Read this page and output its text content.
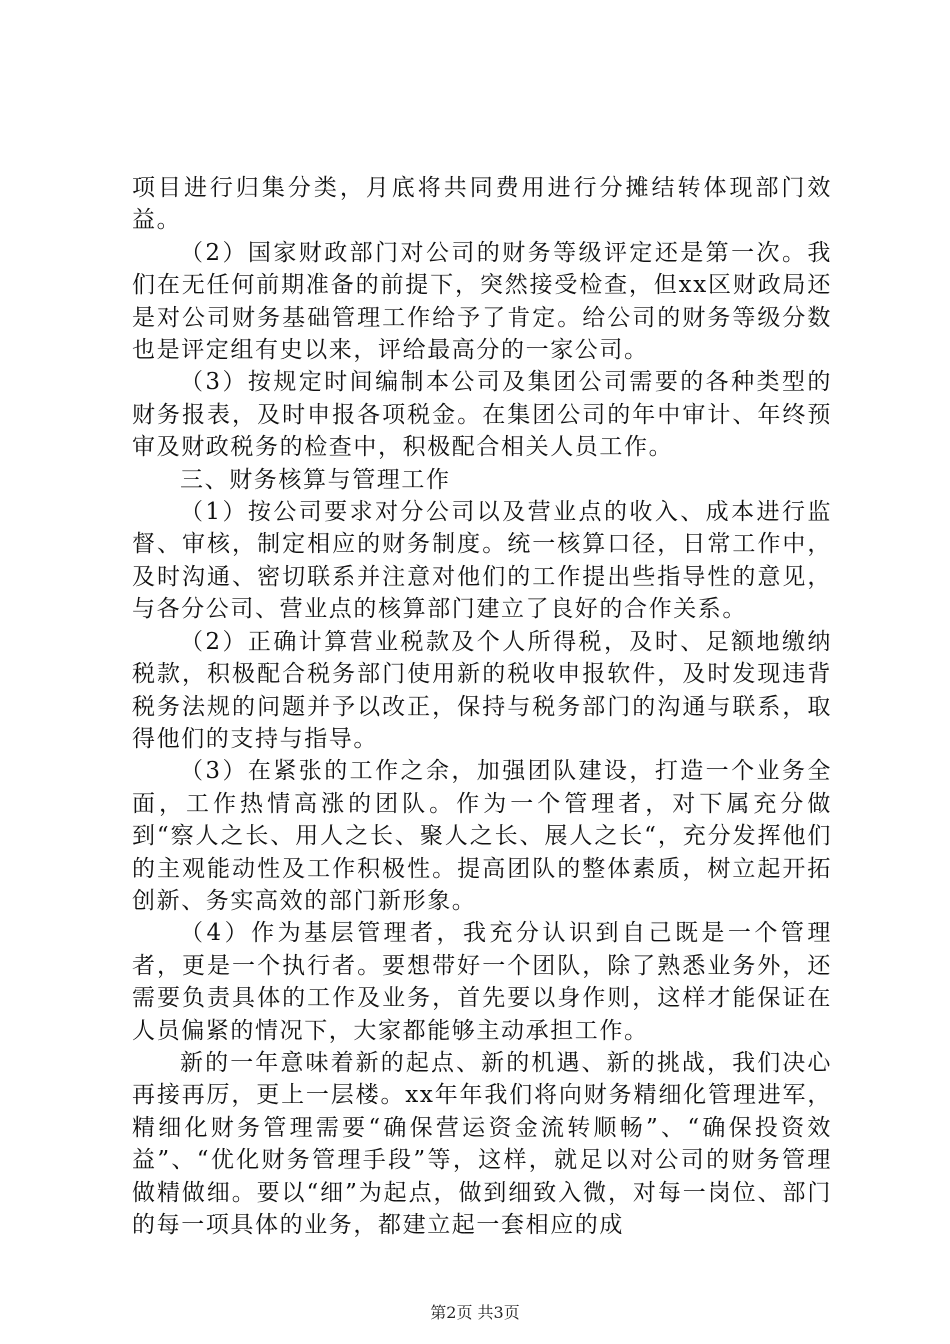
项目进行归集分类，月底将共同费用进行分摊结转体现部门效益。

（2）国家财政部门对公司的财务等级评定还是第一次。我们在无任何前期准备的前提下，突然接受检查，但xx区财政局还是对公司财务基础管理工作给予了肯定。给公司的财务等级分数也是评定组有史以来，评给最高分的一家公司。

（3）按规定时间编制本公司及集团公司需要的各种类型的财务报表，及时申报各项税金。在集团公司的年中审计、年终预审及财政税务的检查中，积极配合相关人员工作。

三、财务核算与管理工作

（1）按公司要求对分公司以及营业点的收入、成本进行监督、审核，制定相应的财务制度。统一核算口径，日常工作中，及时沟通、密切联系并注意对他们的工作提出些指导性的意见，与各分公司、营业点的核算部门建立了良好的合作关系。

（2）正确计算营业税款及个人所得税，及时、足额地缴纳税款，积极配合税务部门使用新的税收申报软件，及时发现违背税务法规的问题并予以改正，保持与税务部门的沟通与联系，取得他们的支持与指导。

（3）在紧张的工作之余，加强团队建设，打造一个业务全面，工作热情高涨的团队。作为一个管理者，对下属充分做到“察人之长、用人之长、聚人之长、展人之长“，充分发挥他们的主观能动性及工作积极性。提高团队的整体素质，树立起开拓创新、务实高效的部门新形象。

（4）作为基层管理者，我充分认识到自己既是一个管理者，更是一个执行者。要想带好一个团队，除了熟悉业务外，还需要负责具体的工作及业务，首先要以身作则，这样才能保证在人员偏紧的情况下，大家都能够主动承担工作。

新的一年意味着新的起点、新的机遇、新的挑战，我们决心再接再厉，更上一层楼。xx年年我们将向财务精细化管理进军，精细化财务管理需要“确保营运资金流转顺畅”、“确保投资效益”、“优化财务管理手段”等，这样，就足以对公司的财务管理做精做细。要以“细”为起点，做到细致入微，对每一岗位、部门的每一项具体的业务，都建立起一套相应的成

第2页 共3页
